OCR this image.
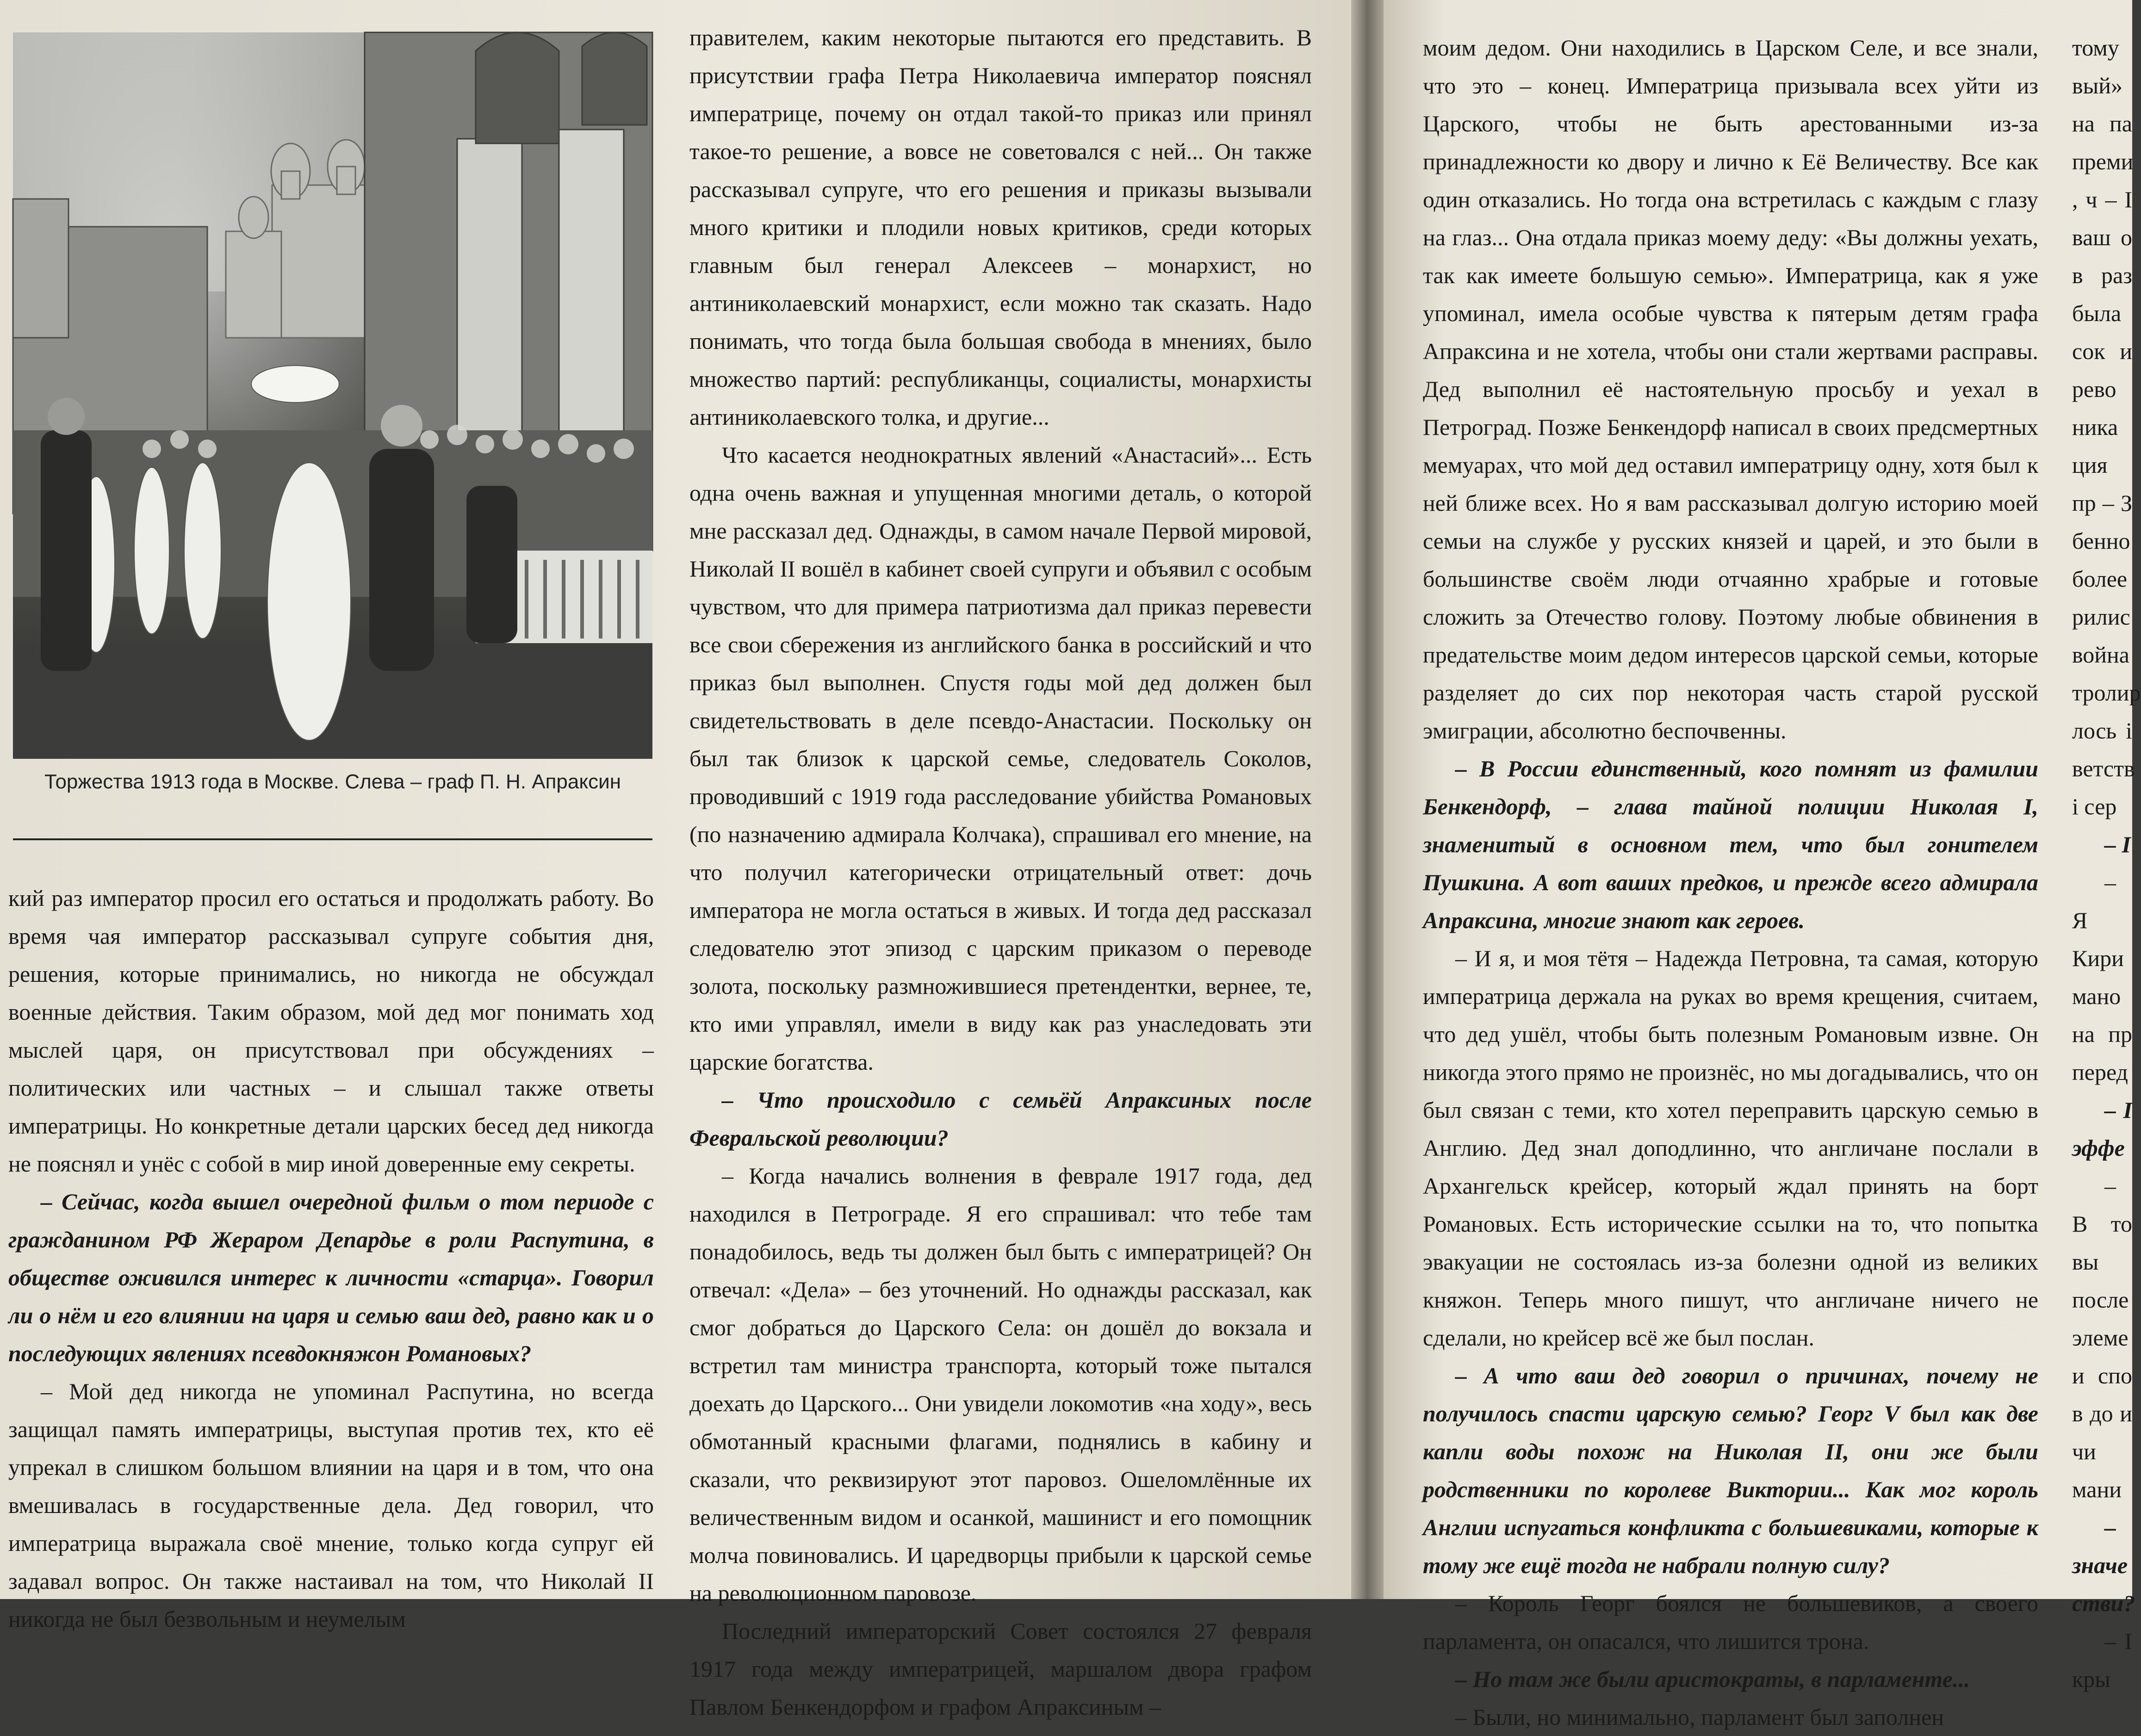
Торжества 1913 года в Москве. Слева – граф П. Н. Апраксин

кий раз император просил его остаться и продолжать работу. Во время чая император рассказывал супруге события дня, решения, которые принимались, но никогда не обсуждал военные действия. Таким образом, мой дед мог понимать ход мыслей царя, он присутствовал при обсуждениях – политических или частных – и слышал также ответы императрицы. Но конкретные детали царских бесед дед никогда не пояснял и унёс с собой в мир иной доверенные ему секреты.

– Сейчас, когда вышел очередной фильм о том периоде с гражданином РФ Жераром Депардье в роли Распутина, в обществе оживился интерес к личности «старца». Говорил ли о нём и его влиянии на царя и семью ваш дед, равно как и о последующих явлениях псевдокняжон Романовых?

– Мой дед никогда не упоминал Распутина, но всегда защищал память императрицы, выступая против тех, кто её упрекал в слишком большом влиянии на царя и в том, что она вмешивалась в государственные дела. Дед говорил, что императрица выражала своё мнение, только когда супруг ей задавал вопрос. Он также настаивал на том, что Николай II никогда не был безвольным и неумелым

правителем, каким некоторые пытаются его представить. В присутствии графа Петра Николаевича император пояснял императрице, почему он отдал такой-то приказ или принял такое-то решение, а вовсе не советовался с ней... Он также рассказывал супруге, что его решения и приказы вызывали много критики и плодили новых критиков, среди которых главным был генерал Алексеев – монархист, но антиниколаевский монархист, если можно так сказать. Надо понимать, что тогда была большая свобода в мнениях, было множество партий: республиканцы, социалисты, монархисты антиниколаевского толка, и другие...

Что касается неоднократных явлений «Анастасий»... Есть одна очень важная и упущенная многими деталь, о которой мне рассказал дед. Однажды, в самом начале Первой мировой, Николай II вошёл в кабинет своей супруги и объявил с особым чувством, что для примера патриотизма дал приказ перевести все свои сбережения из английского банка в российский и что приказ был выполнен. Спустя годы мой дед должен был свидетельствовать в деле псевдо-Анастасии. Поскольку он был так близок к царской семье, следователь Соколов, проводивший с 1919 года расследование убийства Романовых (по назначению адмирала Колчака), спрашивал его мнение, на что получил категорически отрицательный ответ: дочь императора не могла остаться в живых. И тогда дед рассказал следователю этот эпизод с царским приказом о переводе золота, поскольку размножившиеся претендентки, вернее, те, кто ими управлял, имели в виду как раз унаследовать эти царские богатства.

– Что происходило с семьёй Апраксиных после Февральской революции?

– Когда начались волнения в феврале 1917 года, дед находился в Петрограде. Я его спрашивал: что тебе там понадобилось, ведь ты должен был быть с императрицей? Он отвечал: «Дела» – без уточнений. Но однажды рассказал, как смог добраться до Царского Села: он дошёл до вокзала и встретил там министра транспорта, который тоже пытался доехать до Царского... Они увидели локомотив «на ходу», весь обмотанный красными флагами, поднялись в кабину и сказали, что реквизируют этот паровоз. Ошеломлённые их величественным видом и осанкой, машинист и его помощник молча повиновались. И царедворцы прибыли к царской семье на революционном паровозе.

Последний императорский Совет состоялся 27 февраля 1917 года между императрицей, маршалом двора графом Павлом Бенкендорфом и графом Апраксиным –

моим дедом. Они находились в Царском Селе, и все знали, что это – конец. Императрица призывала всех уйти из Царского, чтобы не быть арестованными из-за принадлежности ко двору и лично к Её Величеству. Все как один отказались. Но тогда она встретилась с каждым с глазу на глаз... Она отдала приказ моему деду: «Вы должны уехать, так как имеете большую семью». Императрица, как я уже упоминал, имела особые чувства к пятерым детям графа Апраксина и не хотела, чтобы они стали жертвами расправы. Дед выполнил её настоятельную просьбу и уехал в Петроград. Позже Бенкендорф написал в своих предсмертных мемуарах, что мой дед оставил императрицу одну, хотя был к ней ближе всех. Но я вам рассказывал долгую историю моей семьи на службе у русских князей и царей, и это были в большинстве своём люди отчаянно храбрые и готовые сложить за Отечество голову. Поэтому любые обвинения в предательстве моим дедом интересов царской семьи, которые разделяет до сих пор некоторая часть старой русской эмиграции, абсолютно беспочвенны.

– В России единственный, кого помнят из фамилии Бенкендорф, – глава тайной полиции Николая I, знаменитый в основном тем, что был гонителем Пушкина. А вот ваших предков, и прежде всего адмирала Апраксина, многие знают как героев.

– И я, и моя тётя – Надежда Петровна, та самая, которую императрица держала на руках во время крещения, считаем, что дед ушёл, чтобы быть полезным Романовым извне. Он никогда этого прямо не произнёс, но мы догадывались, что он был связан с теми, кто хотел переправить царскую семью в Англию. Дед знал доподлинно, что англичане послали в Архангельск крейсер, который ждал принять на борт Романовых. Есть исторические ссылки на то, что попытка эвакуации не состоялась из-за болезни одной из великих княжон. Теперь много пишут, что англичане ничего не сделали, но крейсер всё же был послан.

– А что ваш дед говорил о причинах, почему не получилось спасти царскую семью? Георг V был как две капли воды похож на Николая II, они же были родственники по королеве Виктории... Как мог король Англии испугаться конфликта с большевиками, которые к тому же ещё тогда не набрали полную силу?

– Король Георг боялся не большевиков, а своего парламента, он опасался, что лишится трона.

– Но там же были аристократы, в парламенте...

– Были, но минимально, парламент был заполнен

томy вый» на па преми , ч – І ваш о в раз была сок и рево ника ция пр – З бенно более рилис война тролир лось і ветств і сер

– І

– Я Кири мано на пр перед

– І эффе

– В то вы после элеме и спо в до и чи мани

– значе стви?

– І кры
